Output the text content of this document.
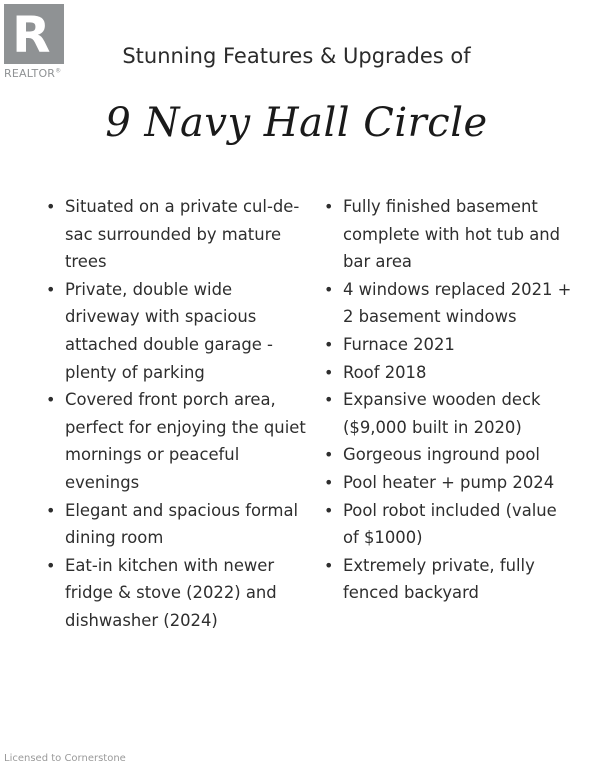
R
REALTOR®
Stunning Features & Upgrades of
9 Navy Hall Circle
• Situated on a private cul-de-sac surrounded by mature trees
• Private, double wide driveway with spacious attached double garage - plenty of parking
• Covered front porch area, perfect for enjoying the quiet mornings or peaceful evenings
• Elegant and spacious formal dining room
• Eat-in kitchen with newer fridge & stove (2022) and dishwasher (2024)
• Fully finished basement complete with hot tub and bar area
• 4 windows replaced 2021 + 2 basement windows
• Furnace 2021
• Roof 2018
• Expansive wooden deck ($9,000 built in 2020)
• Gorgeous inground pool
• Pool heater + pump 2024
• Pool robot included (value of $1000)
• Extremely private, fully fenced backyard
Licensed to Cornerstone
